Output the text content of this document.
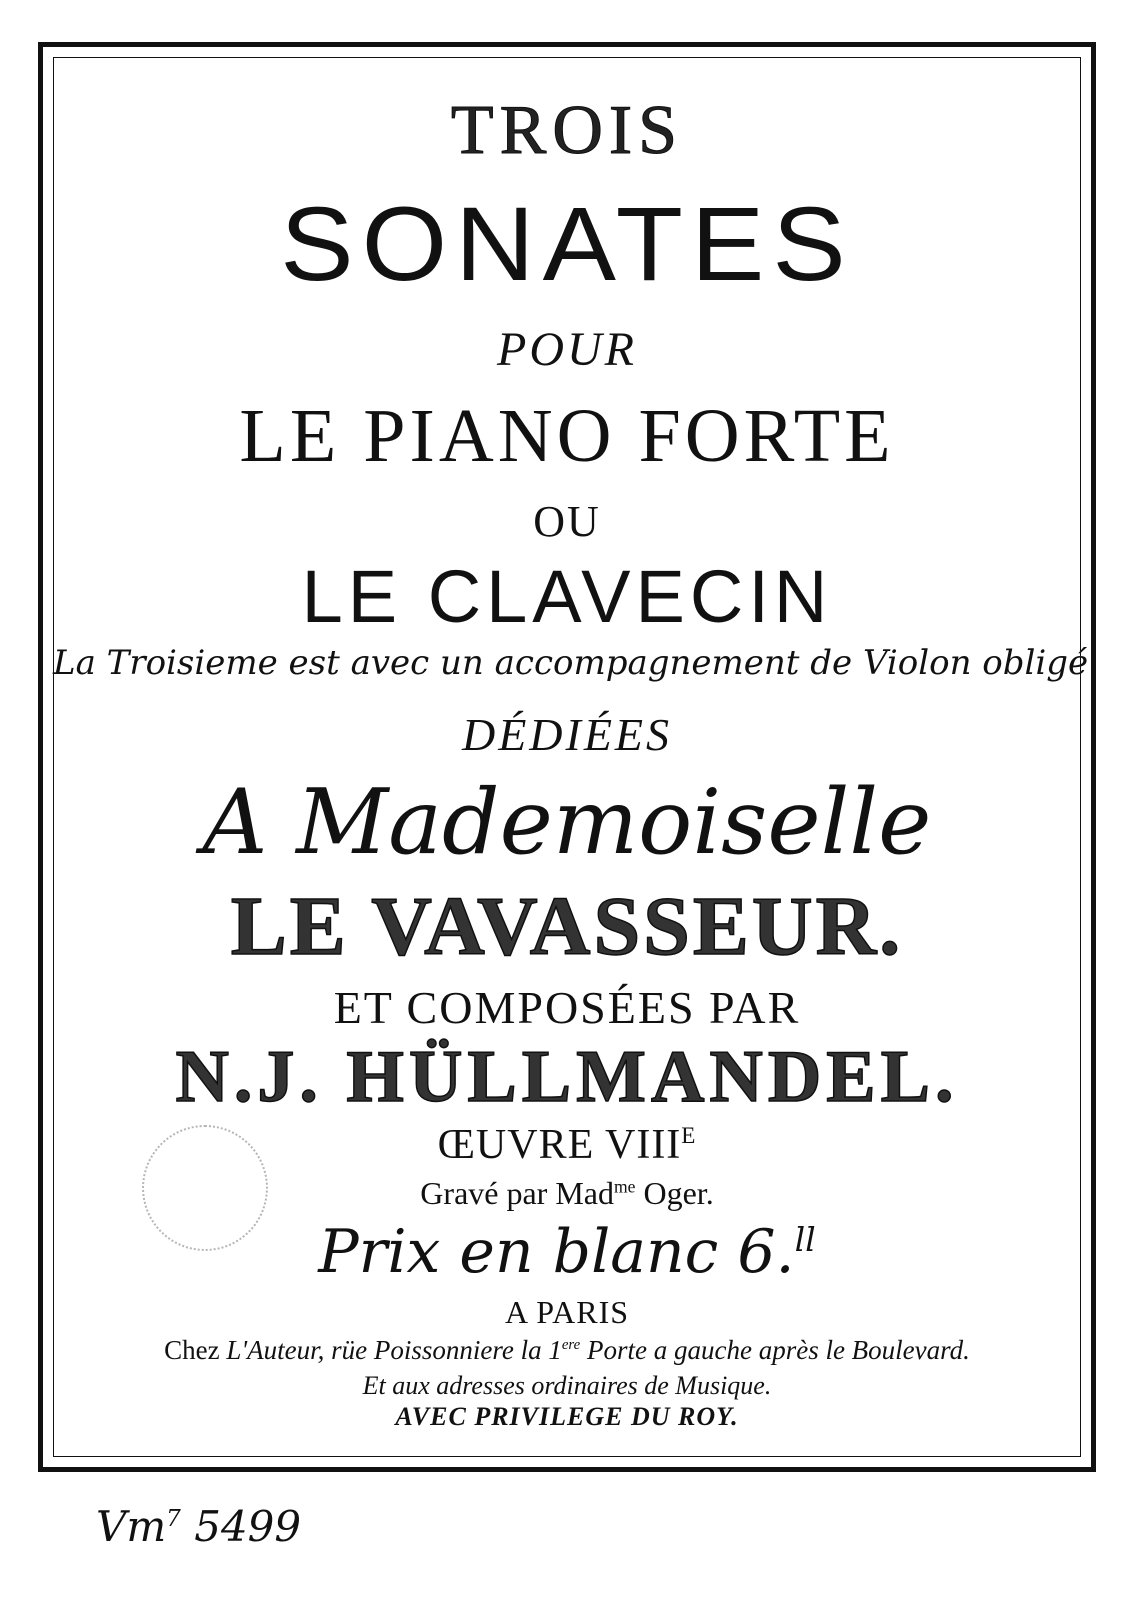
TROIS
SONATES
POUR
LE PIANO FORTE
OU
LE CLAVECIN
La Troisieme est avec un accompagnement de Violon obligé
DÉDIÉES
A Mademoiselle
LE VAVASSEUR.
ET COMPOSÉES PAR
N.J. HÜLLMANDEL.
ŒUVRE $VIII^E$
Gravé par Mad$^{me}$ Oger.
Prix en blanc 6.$^{ll}$
A PARIS
Chez L'Auteur, rüe Poissonniere la 1ere Porte a gauche après le Boulevard.
Et aux adresses ordinaires de Musique.
AVEC PRIVILEGE DU ROY.
Vm$^7$ 5499
